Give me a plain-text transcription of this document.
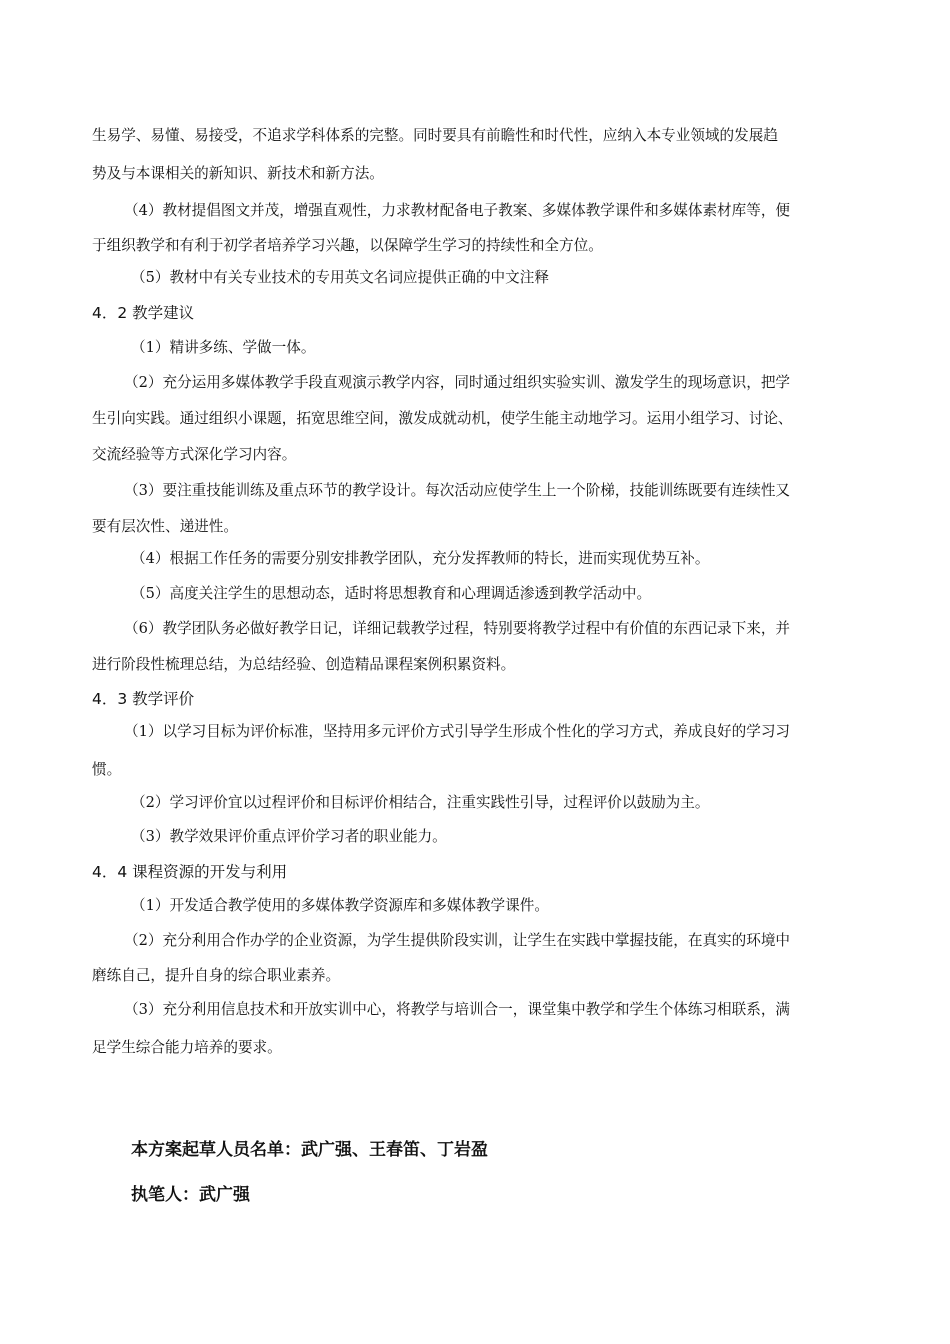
生易学、易懂、易接受，不追求学科体系的完整。同时要具有前瞻性和时代性，应纳入本专业领域的发展趋
势及与本课相关的新知识、新技术和新方法。
（4）教材提倡图文并茂，增强直观性，力求教材配备电子教案、多媒体教学课件和多媒体素材库等，便
于组织教学和有利于初学者培养学习兴趣，以保障学生学习的持续性和全方位。
（5）教材中有关专业技术的专用英文名词应提供正确的中文注释
4．2 教学建议
（1）精讲多练、学做一体。
（2）充分运用多媒体教学手段直观演示教学内容，同时通过组织实验实训、激发学生的现场意识，把学
生引向实践。通过组织小课题，拓宽思维空间，激发成就动机，使学生能主动地学习。运用小组学习、讨论、
交流经验等方式深化学习内容。
（3）要注重技能训练及重点环节的教学设计。每次活动应使学生上一个阶梯，技能训练既要有连续性又
要有层次性、递进性。
（4）根据工作任务的需要分别安排教学团队，充分发挥教师的特长，进而实现优势互补。
（5）高度关注学生的思想动态，适时将思想教育和心理调适渗透到教学活动中。
（6）教学团队务必做好教学日记，详细记载教学过程，特别要将教学过程中有价值的东西记录下来，并
进行阶段性梳理总结，为总结经验、创造精品课程案例积累资料。
4．3 教学评价
（1）以学习目标为评价标准，坚持用多元评价方式引导学生形成个性化的学习方式，养成良好的学习习
惯。
（2）学习评价宜以过程评价和目标评价相结合，注重实践性引导，过程评价以鼓励为主。
（3）教学效果评价重点评价学习者的职业能力。
4．4 课程资源的开发与利用
（1）开发适合教学使用的多媒体教学资源库和多媒体教学课件。
（2）充分利用合作办学的企业资源，为学生提供阶段实训，让学生在实践中掌握技能，在真实的环境中
磨练自己，提升自身的综合职业素养。
（3）充分利用信息技术和开放实训中心，将教学与培训合一，课堂集中教学和学生个体练习相联系，满
足学生综合能力培养的要求。
本方案起草人员名单：武广强、王春笛、丁岩盈
执笔人：武广强
